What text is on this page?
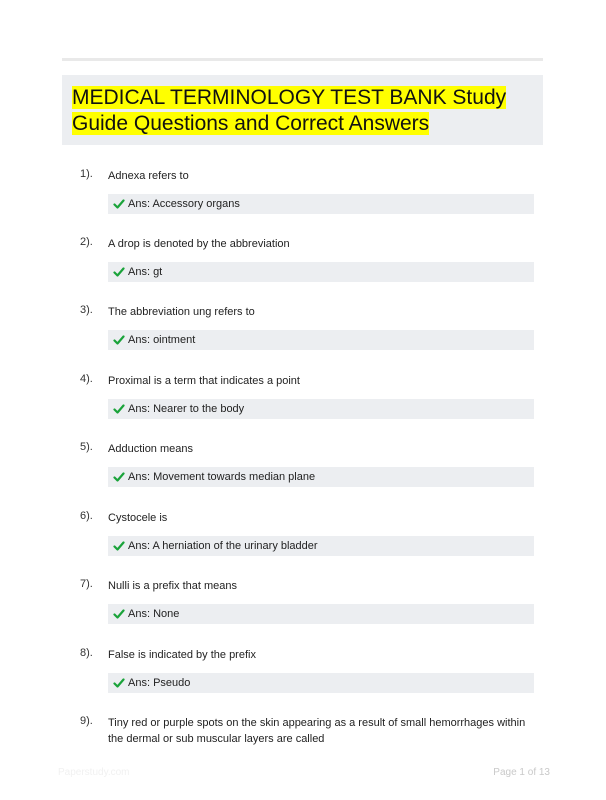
MEDICAL TERMINOLOGY TEST BANK Study Guide Questions and Correct Answers
1). Adnexa refers to
Ans: Accessory organs
2). A drop is denoted by the abbreviation
Ans: gt
3). The abbreviation ung refers to
Ans: ointment
4). Proximal is a term that indicates a point
Ans: Nearer to the body
5). Adduction means
Ans: Movement towards median plane
6). Cystocele is
Ans: A herniation of the urinary bladder
7). Nulli is a prefix that means
Ans: None
8). False is indicated by the prefix
Ans: Pseudo
9). Tiny red or purple spots on the skin appearing as a result of small hemorrhages within the dermal or sub muscular layers are called
Paperstudy.com	Page 1 of 13
